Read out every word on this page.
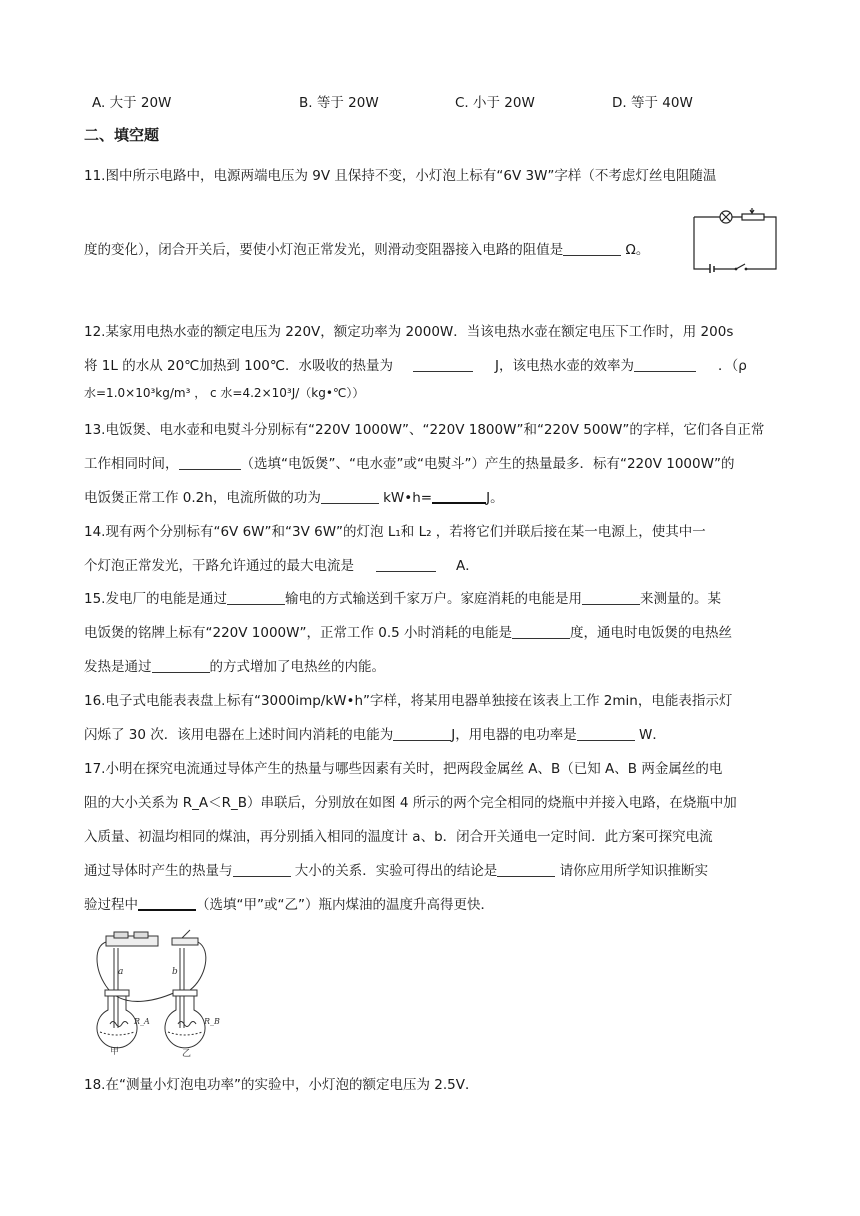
A. 大于 20W	B. 等于 20W	C. 小于 20W	D. 等于 40W
二、填空题
11.图中所示电路中，电源两端电压为 9V 且保持不变，小灯泡上标有“6V 3W”字样（不考虑灯丝电阻随温
度的变化），闭合开关后，要使小灯泡正常发光，则滑动变阻器接入电路的阻值是	Ω。
12.某家用电热水壶的额定电压为 220V，额定功率为 2000W．当该电热水壶在额定电压下工作时，用 200s
将 1L 的水从 20℃加热到 100℃．水吸收的热量为	J，该电热水壶的效率为	．（ρ
水=1.0×10³kg/m³ ， c 水=4.2×10³J/（kg•℃））
13.电饭煲、电水壶和电熨斗分别标有“220V 1000W”、“220V 1800W”和“220V 500W”的字样，它们各自正常
工作相同时间，	（选填“电饭煲”、“电水壶”或“电熨斗”）产生的热量最多．标有“220V 1000W”的
电饭煲正常工作 0.2h，电流所做的功为	kW•h=	J。
14.现有两个分别标有“6V 6W”和“3V 6W”的灯泡 L₁和 L₂ ，若将它们并联后接在某一电源上，使其中一
个灯泡正常发光，干路允许通过的最大电流是	A．
15.发电厂的电能是通过	输电的方式输送到千家万户。家庭消耗的电能是用	来测量的。某
电饭煲的铭牌上标有“220V 1000W”，正常工作 0.5 小时消耗的电能是	度，通电时电饭煲的电热丝
发热是通过	的方式增加了电热丝的内能。
16.电子式电能表表盘上标有“3000imp/kW•h”字样，将某用电器单独接在该表上工作 2min，电能表指示灯
闪烁了 30 次．该用电器在上述时间内消耗的电能为	J，用电器的电功率是	W．
17.小明在探究电流通过导体产生的热量与哪些因素有关时，把两段金属丝 A、B（已知 A、B 两金属丝的电
阻的大小关系为 R_A＜R_B）串联后，分别放在如图 4 所示的两个完全相同的烧瓶中并接入电路，在烧瓶中加
入质量、初温均相同的煤油，再分别插入相同的温度计 a、b．闭合开关通电一定时间．此方案可探究电流
通过导体时产生的热量与	大小的关系．实验可得出的结论是	请你应用所学知识推断实
验过程中	（选填“甲”或“乙”）瓶内煤油的温度升高得更快．
a	b
R_A	R_B
甲	乙
18.在“测量小灯泡电功率”的实验中，小灯泡的额定电压为 2.5V．
